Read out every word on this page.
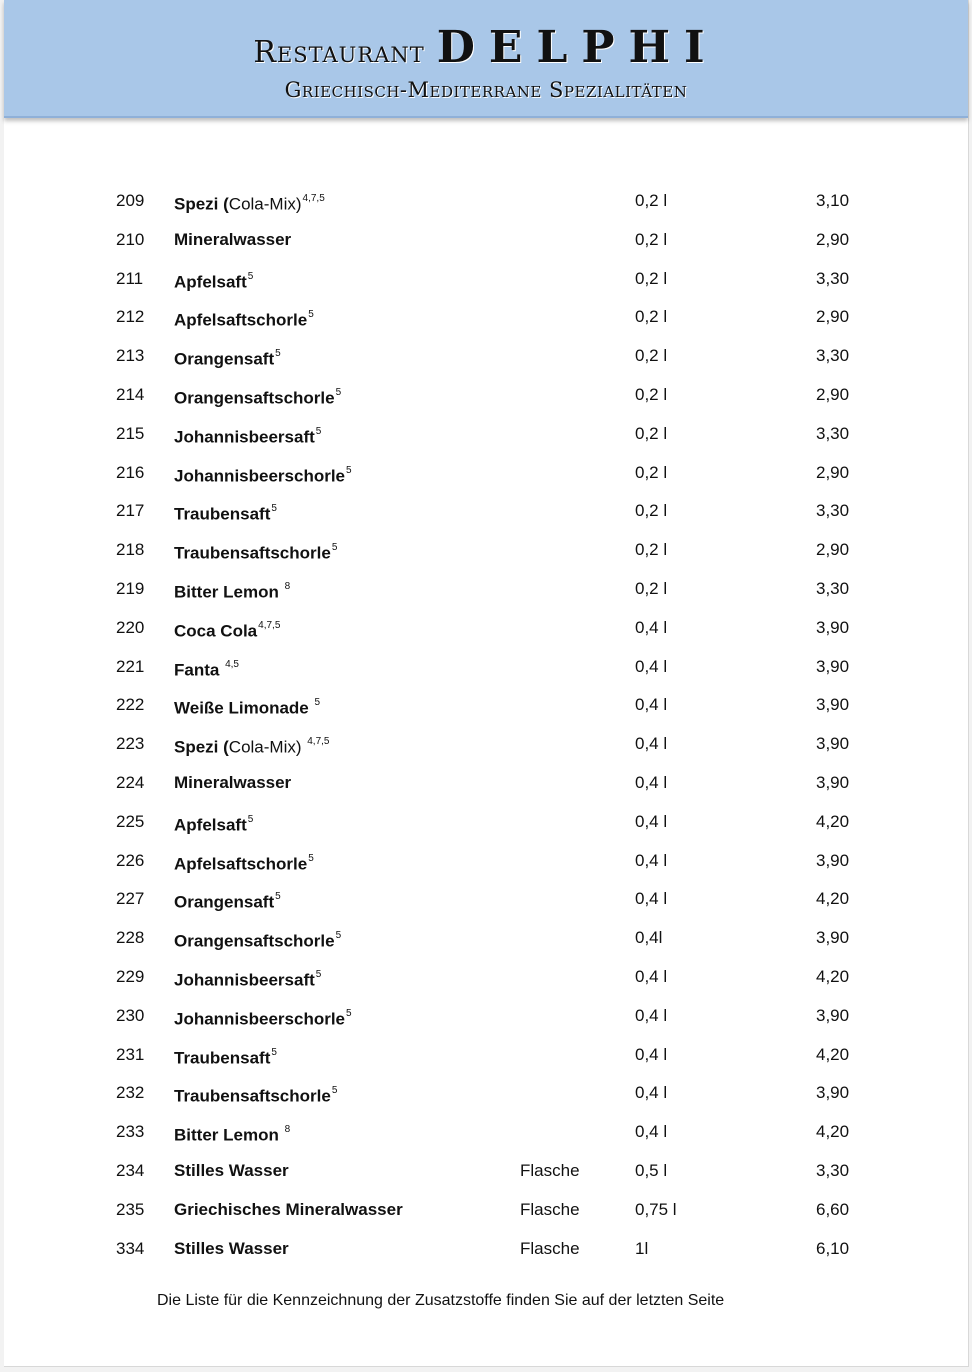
Restaurant DELPHI
Griechisch-Mediterrane Spezialitäten
209 Spezi (Cola-Mix)$^{4,7,5}$	0,2 l	3,10
210 Mineralwasser	0,2 l	2,90
211 Apfelsaft$^5$	0,2 l	3,30
212 Apfelsaftschorle$^5$	0,2 l	2,90
213 Orangensaft$^5$	0,2 l	3,30
214 Orangensaftschorle$^5$	0,2 l	2,90
215 Johannisbeersaft$^5$	0,2 l	3,30
216 Johannisbeerschorle$^5$	0,2 l	2,90
217 Traubensaft$^5$	0,2 l	3,30
218 Traubensaftschorle$^5$	0,2 l	2,90
219 Bitter Lemon $^8$	0,2 l	3,30
220 Coca Cola$^{4,7,5}$	0,4 l	3,90
221 Fanta $^{4,5}$	0,4 l	3,90
222 Weiße Limonade $^5$	0,4 l	3,90
223 Spezi (Cola-Mix) $^{4,7,5}$	0,4 l	3,90
224 Mineralwasser	0,4 l	3,90
225 Apfelsaft$^5$	0,4 l	4,20
226 Apfelsaftschorle$^5$	0,4 l	3,90
227 Orangensaft$^5$	0,4 l	4,20
228 Orangensaftschorle$^5$	0,4l	3,90
229 Johannisbeersaft$^5$	0,4 l	4,20
230 Johannisbeerschorle$^5$	0,4 l	3,90
231 Traubensaft$^5$	0,4 l	4,20
232 Traubensaftschorle$^5$	0,4 l	3,90
233 Bitter Lemon $^8$	0,4 l	4,20
234 Stilles Wasser	Flasche	0,5 l	3,30
235 Griechisches Mineralwasser	Flasche	0,75 l	6,60
334 Stilles Wasser	Flasche	1l	6,10
Die Liste für die Kennzeichnung der Zusatzstoffe finden Sie auf der letzten Seite
